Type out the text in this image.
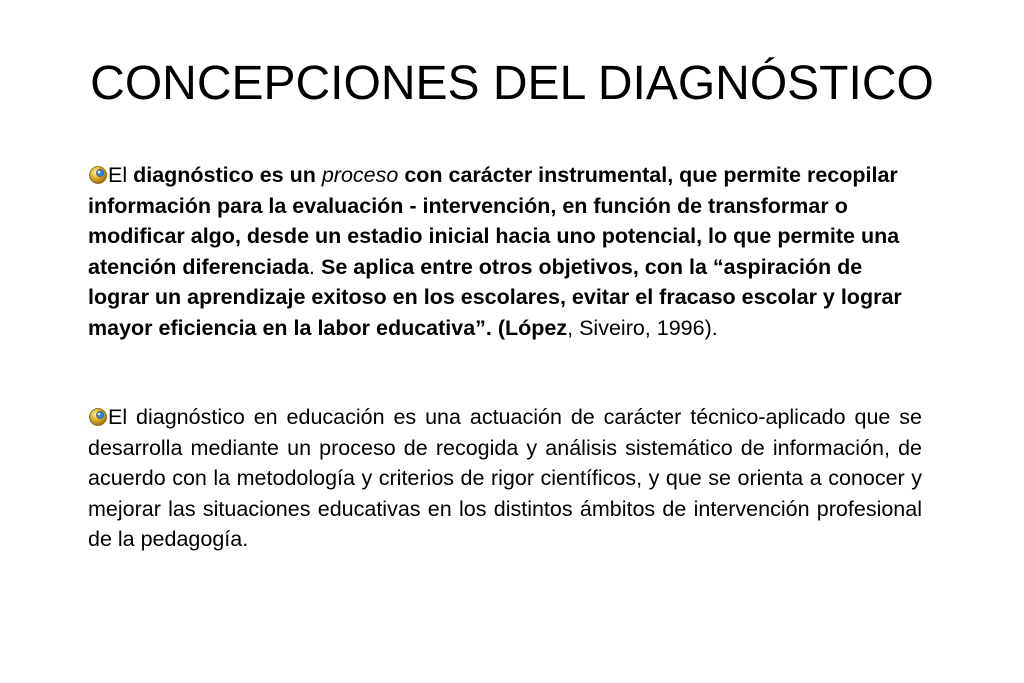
CONCEPCIONES DEL DIAGNÓSTICO

El diagnóstico es un proceso con carácter instrumental, que permite recopilar información para la evaluación - intervención, en función de transformar o modificar algo, desde un estadio inicial hacia uno potencial, lo que permite una atención diferenciada. Se aplica entre otros objetivos, con la “aspiración de lograr un aprendizaje exitoso en los escolares, evitar el fracaso escolar y lograr mayor eficiencia en la labor educativa”. (López, Siveiro, 1996).

El diagnóstico en educación es una actuación de carácter técnico-aplicado que se desarrolla mediante un proceso de recogida y análisis sistemático de información, de acuerdo con la metodología y criterios de rigor científicos, y que se orienta a conocer y mejorar las situaciones educativas en los distintos ámbitos de intervención profesional de la pedagogía.
